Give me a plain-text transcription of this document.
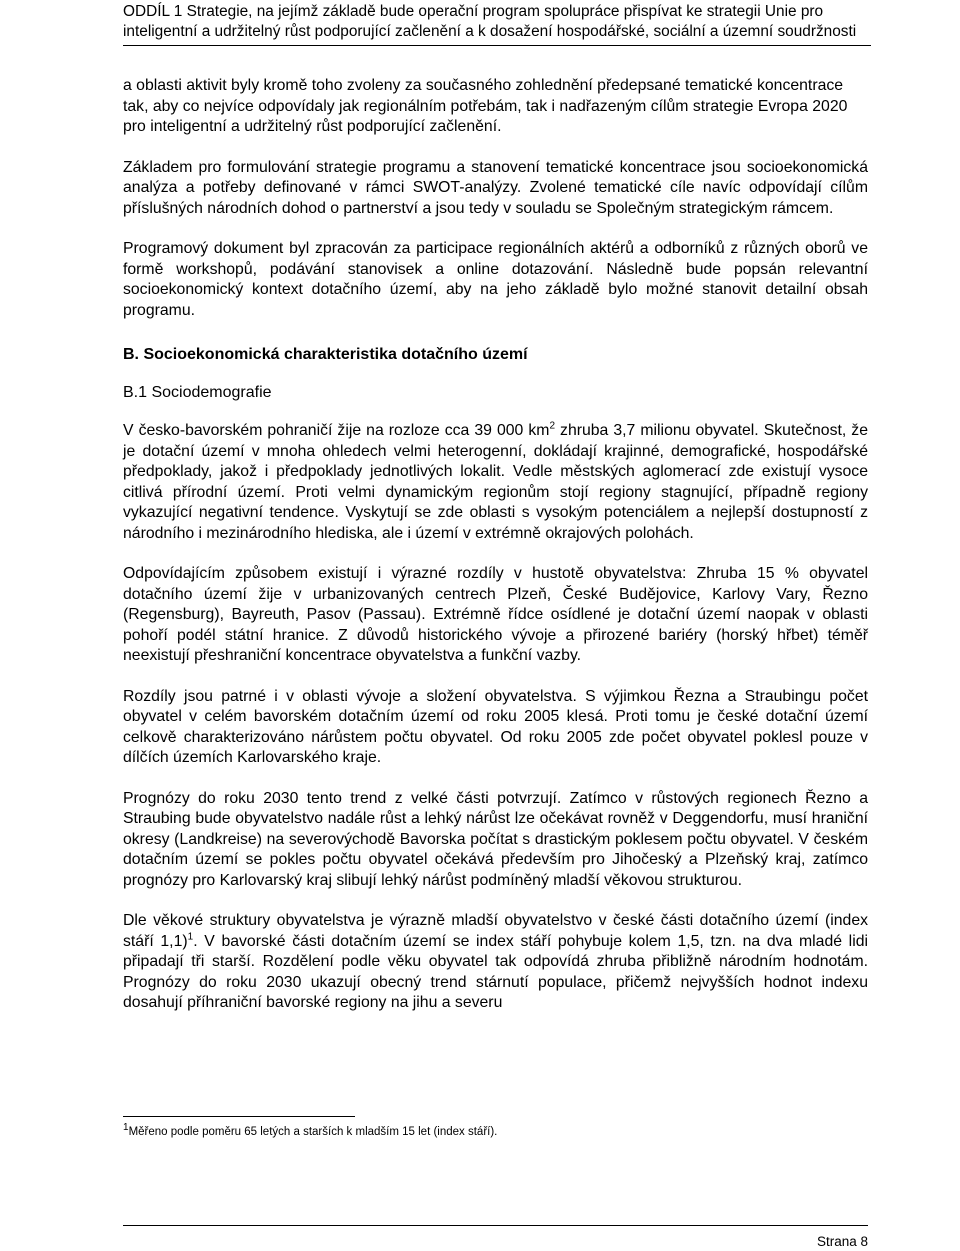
ODDÍL 1 Strategie, na jejímž základě bude operační program spolupráce přispívat ke strategii Unie pro inteligentní a udržitelný růst podporující začlenění a k dosažení hospodářské, sociální a územní soudržnosti

a oblasti aktivit byly kromě toho zvoleny za současného zohlednění předepsané tematické koncentrace tak, aby co nejvíce odpovídaly jak regionálním potřebám, tak i nadřazeným cílům strategie Evropa 2020 pro inteligentní a udržitelný růst podporující začlenění.

Základem pro formulování strategie programu a stanovení tematické koncentrace jsou socioekonomická analýza a potřeby definované v rámci SWOT-analýzy. Zvolené tematické cíle navíc odpovídají cílům příslušných národních dohod o partnerství a jsou tedy v souladu se Společným strategickým rámcem.

Programový dokument byl zpracován za participace regionálních aktérů a odborníků z různých oborů ve formě workshopů, podávání stanovisek a online dotazování. Následně bude popsán relevantní socioekonomický kontext dotačního území, aby na jeho základě bylo možné stanovit detailní obsah programu.

B. Socioekonomická charakteristika dotačního území
B.1 Sociodemografie

V česko-bavorském pohraničí žije na rozloze cca 39 000 $km^2$ zhruba 3,7 milionu obyvatel. Skutečnost, že je dotační území v mnoha ohledech velmi heterogenní, dokládají krajinné, demografické, hospodářské předpoklady, jakož i předpoklady jednotlivých lokalit. Vedle městských aglomerací zde existují vysoce citlivá přírodní území. Proti velmi dynamickým regionům stojí regiony stagnující, případně regiony vykazující negativní tendence. Vyskytují se zde oblasti s vysokým potenciálem a nejlepší dostupností z národního i mezinárodního hlediska, ale i území v extrémně okrajových polohách.

Odpovídajícím způsobem existují i výrazné rozdíly v hustotě obyvatelstva: Zhruba 15 % obyvatel dotačního území žije v urbanizovaných centrech Plzeň, České Budějovice, Karlovy Vary, Řezno (Regensburg), Bayreuth, Pasov (Passau). Extrémně řídce osídlené je dotační území naopak v oblasti pohoří podél státní hranice. Z důvodů historického vývoje a přirozené bariéry (horský hřbet) téměř neexistují přeshraniční koncentrace obyvatelstva a funkční vazby.

Rozdíly jsou patrné i v oblasti vývoje a složení obyvatelstva. S výjimkou Řezna a Straubingu počet obyvatel v celém bavorském dotačním území od roku 2005 klesá. Proti tomu je české dotační území celkově charakterizováno nárůstem počtu obyvatel. Od roku 2005 zde počet obyvatel poklesl pouze v dílčích územích Karlovarského kraje.

Prognózy do roku 2030 tento trend z velké části potvrzují. Zatímco v růstových regionech Řezno a Straubing bude obyvatelstvo nadále růst a lehký nárůst lze očekávat rovněž v Deggendorfu, musí hraniční okresy (Landkreise) na severovýchodě Bavorska počítat s drastickým poklesem počtu obyvatel. V českém dotačním území se pokles počtu obyvatel očekává především pro Jihočeský a Plzeňský kraj, zatímco prognózy pro Karlovarský kraj slibují lehký nárůst podmíněný mladší věkovou strukturou.

Dle věkové struktury obyvatelstva je výrazně mladší obyvatelstvo v české části dotačního území (index stáří 1,1)$^1$. V bavorské části dotačním území se index stáří pohybuje kolem 1,5, tzn. na dva mladé lidi připadají tři starší. Rozdělení podle věku obyvatel tak odpovídá zhruba přibližně národním hodnotám. Prognózy do roku 2030 ukazují obecný trend stárnutí populace, přičemž nejvyšších hodnot indexu dosahují příhraniční bavorské regiony na jihu a severu

$^1$Měřeno podle poměru 65 letých a starších k mladším 15 let (index stáří).
Strana 8
